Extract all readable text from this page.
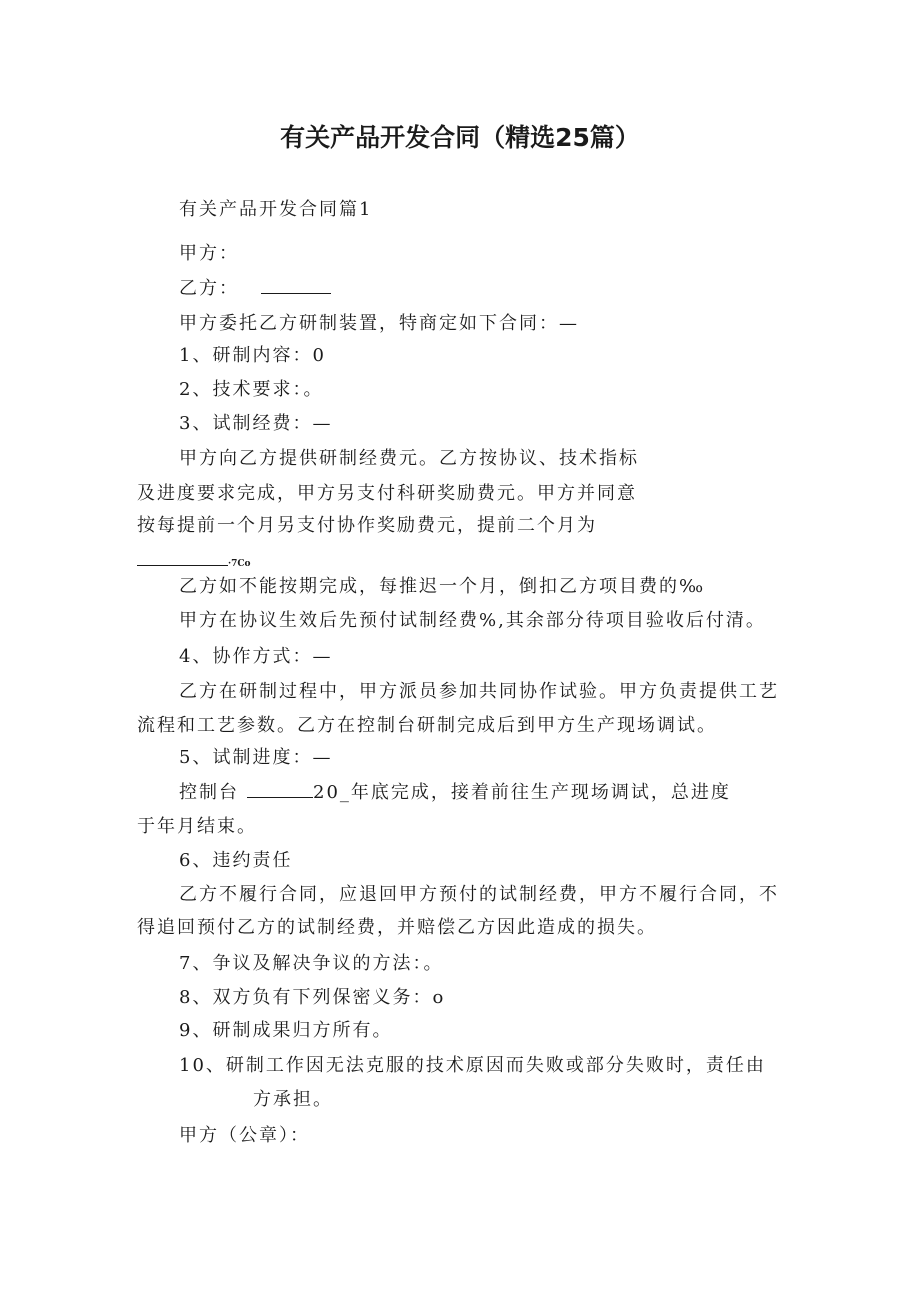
有关产品开发合同（精选25篇）
有关产品开发合同篇1
甲方：
乙方：
甲方委托乙方研制装置，特商定如下合同：—
1、研制内容：0
2、技术要求：。
3、试制经费：—
甲方向乙方提供研制经费元。乙方按协议、技术指标
及进度要求完成，甲方另支付科研奖励费元。甲方并同意
按每提前一个月另支付协作奖励费元，提前二个月为
·7Co
乙方如不能按期完成，每推迟一个月，倒扣乙方项目费的‰
甲方在协议生效后先预付试制经费%,其余部分待项目验收后付清。
4、协作方式：—
乙方在研制过程中，甲方派员参加共同协作试验。甲方负责提供工艺
流程和工艺参数。乙方在控制台研制完成后到甲方生产现场调试。
5、试制进度：—
控制台	20_年底完成，接着前往生产现场调试，总进度
于年月结束。
6、违约责任
乙方不履行合同，应退回甲方预付的试制经费，甲方不履行合同，不
得追回预付乙方的试制经费，并赔偿乙方因此造成的损失。
7、争议及解决争议的方法：。
8、双方负有下列保密义务：o
9、研制成果归方所有。
10、研制工作因无法克服的技术原因而失败或部分失败时，责任由
方承担。
甲方（公章）：
